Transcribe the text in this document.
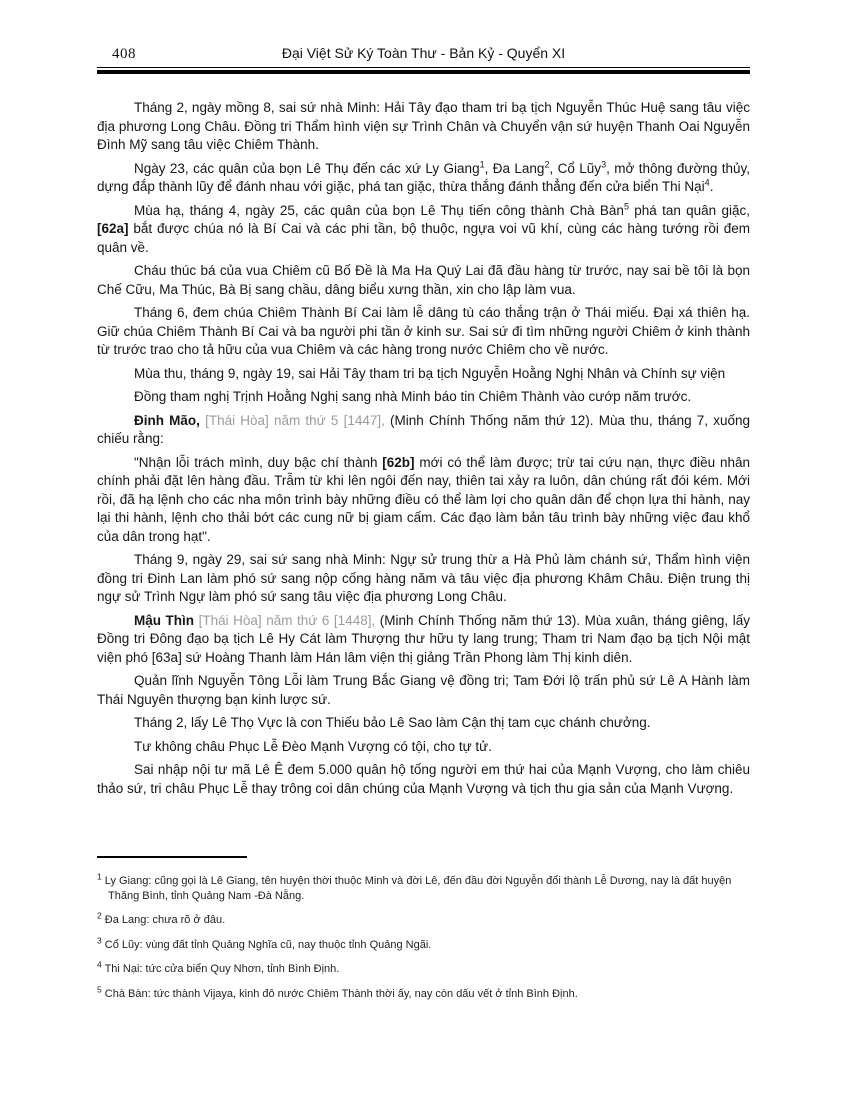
408	Đại Việt Sử Ký Toàn Thư - Bản Kỷ - Quyển XI

Tháng 2, ngày mồng 8, sai sứ nhà Minh: Hải Tây đạo tham tri bạ tịch Nguyễn Thúc Huệ sang tâu việc địa phương Long Châu. Đồng tri Thẩm hình viện sự Trình Chân và Chuyển vận sứ huyện Thanh Oai Nguyễn Đình Mỹ sang tâu việc Chiêm Thành.

Ngày 23, các quân của bọn Lê Thụ đến các xứ Ly Giang$^1$, Đa Lang$^2$, Cổ Lũy$^3$, mở thông đường thủy, dựng đắp thành lũy để đánh nhau với giặc, phá tan giặc, thừa thắng đánh thẳng đến cửa biển Thi Nại$^4$.

Mùa hạ, tháng 4, ngày 25, các quân của bọn Lê Thụ tiến công thành Chà Bàn$^5$ phá tan quân giặc, [62a] bắt được chúa nó là Bí Cai và các phi tần, bộ thuộc, ngựa voi vũ khí, cùng các hàng tướng rồi đem quân về.

Cháu thúc bá của vua Chiêm cũ Bố Đề là Ma Ha Quý Lai đã đầu hàng từ trước, nay sai bề tôi là bọn Chế Cữu, Ma Thúc, Bà Bị sang chầu, dâng biểu xưng thần, xin cho lập làm vua.

Tháng 6, đem chúa Chiêm Thành Bí Cai làm lễ dâng tù cáo thắng trận ở Thái miếu. Đại xá thiên hạ. Giữ chúa Chiêm Thành Bí Cai và ba người phi tần ở kinh sư. Sai sứ đi tìm những người Chiêm ở kinh thành từ trước trao cho tả hữu của vua Chiêm và các hàng trong nước Chiêm cho về nước.

Mùa thu, tháng 9, ngày 19, sai Hải Tây tham tri bạ tịch Nguyễn Hoằng Nghị Nhân và Chính sự viện

Đồng tham nghị Trịnh Hoằng Nghị sang nhà Minh báo tin Chiêm Thành vào cướp năm trước.

Đinh Mão, [Thái Hòa] năm thứ 5 [1447], (Minh Chính Thống năm thứ 12). Mùa thu, tháng 7, xuống chiếu rằng:

"Nhận lỗi trách mình, duy bậc chí thành [62b] mới có thể làm được; trừ tai cứu nạn, thực điều nhân chính phải đặt lên hàng đầu. Trẫm từ khi lên ngôi đến nay, thiên tai xảy ra luôn, dân chúng rất đói kém. Mới rồi, đã hạ lệnh cho các nha môn trình bày những điều có thể làm lợi cho quân dân để chọn lựa thi hành, nay lại thi hành, lệnh cho thải bớt các cung nữ bị giam cấm. Các đạo làm bản tâu trình bày những việc đau khổ của dân trong hạt".

Tháng 9, ngày 29, sai sứ sang nhà Minh: Ngự sử trung thừ a Hà Phủ làm chánh sứ, Thẩm hình viện đồng tri Đinh Lan làm phó sứ sang nộp cống hàng năm và tâu việc địa phương Khâm Châu. Điện trung thị ngự sử Trình Ngự làm phó sứ sang tâu việc địa phương Long Châu.

Mậu Thìn [Thái Hòa] năm thứ 6 [1448], (Minh Chính Thống năm thứ 13). Mùa xuân, tháng giêng, lấy Đồng tri Đông đạo bạ tịch Lê Hy Cát làm Thượng thư hữu ty lang trung; Tham tri Nam đạo bạ tịch Nội mật viện phó [63a] sứ Hoàng Thanh làm Hán lâm viện thị giảng Trần Phong làm Thị kinh diên.

Quản lĩnh Nguyễn Tông Lỗi làm Trung Bắc Giang vệ đồng tri; Tam Đới lộ trấn phủ sứ Lê A Hành làm Thái Nguyên thượng bạn kinh lược sứ.

Tháng 2, lấy Lê Thọ Vực là con Thiếu bảo Lê Sao làm Cận thị tam cục chánh chưởng.

Tư không châu Phục Lễ Đèo Mạnh Vượng có tội, cho tự tử.

Sai nhập nội tư mã Lê Ê đem 5.000 quân hộ tống người em thứ hai của Mạnh Vượng, cho làm chiêu thảo sứ, tri châu Phục Lễ thay trông coi dân chúng của Mạnh Vượng và tịch thu gia sản của Mạnh Vượng.

$^1$ Ly Giang: cũng gọi là Lê Giang, tên huyện thời thuộc Minh và đời Lê, đến đầu đời Nguyễn đổi thành Lễ Dương, nay là đất huyện Thăng Bình, tỉnh Quảng Nam -Đà Nẵng.
$^2$ Đa Lang: chưa rõ ở đâu.
$^3$ Cổ Lũy: vùng đất tỉnh Quảng Nghĩa cũ, nay thuộc tỉnh Quảng Ngãi.
$^4$ Thi Nại: tức cửa biển Quy Nhơn, tỉnh Bình Định.
$^5$ Chà Bàn: tức thành Vijaya, kinh đô nước Chiêm Thành thời ấy, nay còn dấu vết ở tỉnh Bình Định.
